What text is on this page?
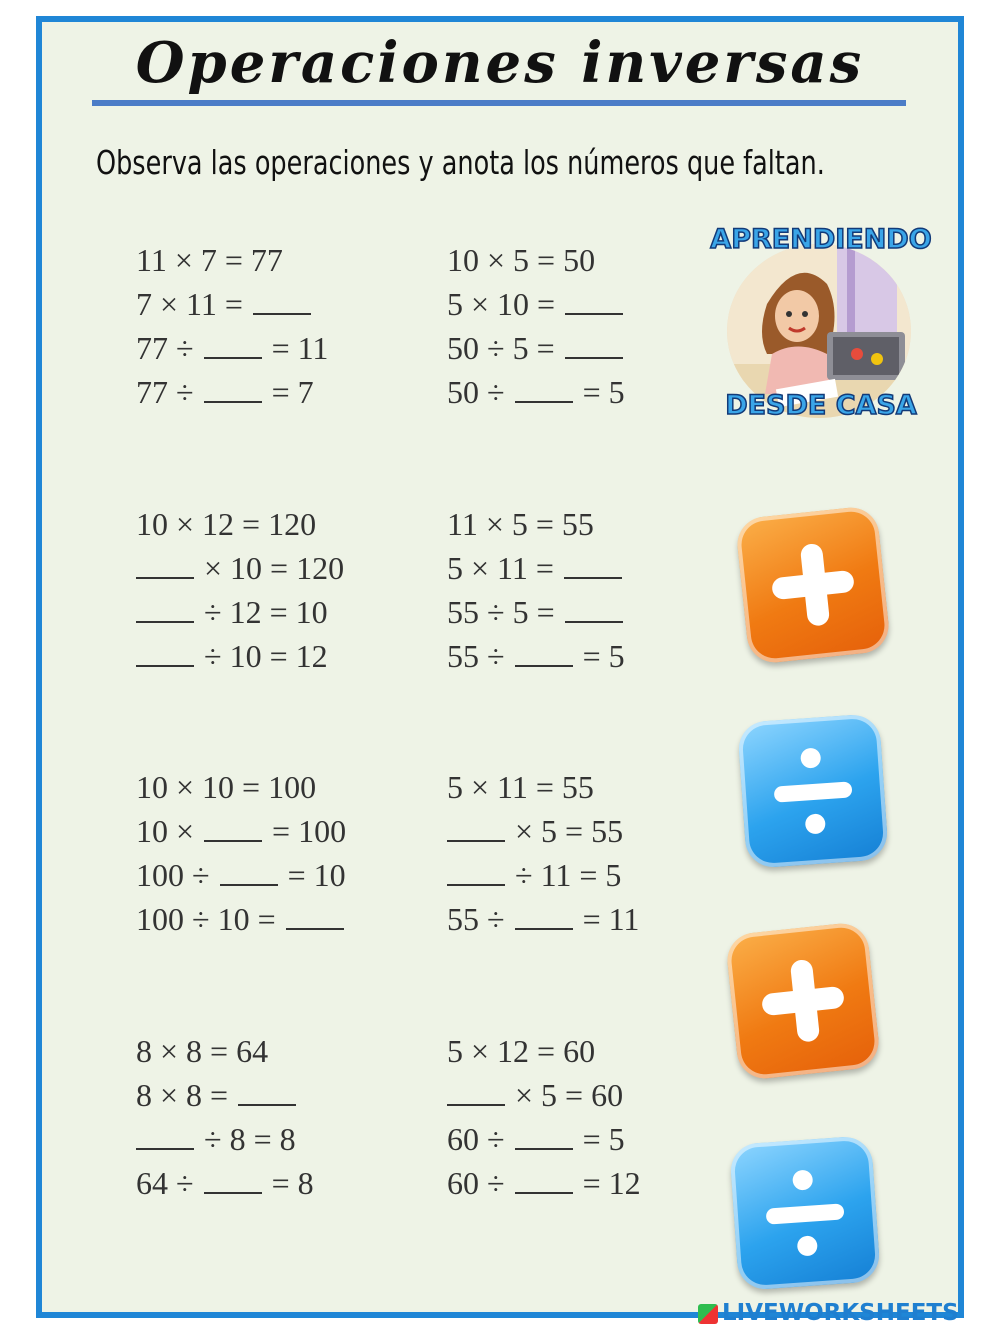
Operaciones inversas
Observa las operaciones y anota los números que faltan.
11 × 7 = 77
7 × 11 =
77 ÷ = 11
77 ÷ = 7
10 × 5 = 50
5 × 10 =
50 ÷ 5 =
50 ÷ = 5
10 × 12 = 120
× 10 = 120
÷ 12 = 10
÷ 10 = 12
11 × 5 = 55
5 × 11 =
55 ÷ 5 =
55 ÷ = 5
10 × 10 = 100
10 × = 100
100 ÷ = 10
100 ÷ 10 =
5 × 11 = 55
× 5 = 55
÷ 11 = 5
55 ÷ = 11
8 × 8 = 64
8 × 8 =
÷ 8 = 8
64 ÷ = 8
5 × 12 = 60
× 5 = 60
60 ÷ = 5
60 ÷ = 12
APRENDIENDO
DESDE CASA
LIVEWORKSHEETS
